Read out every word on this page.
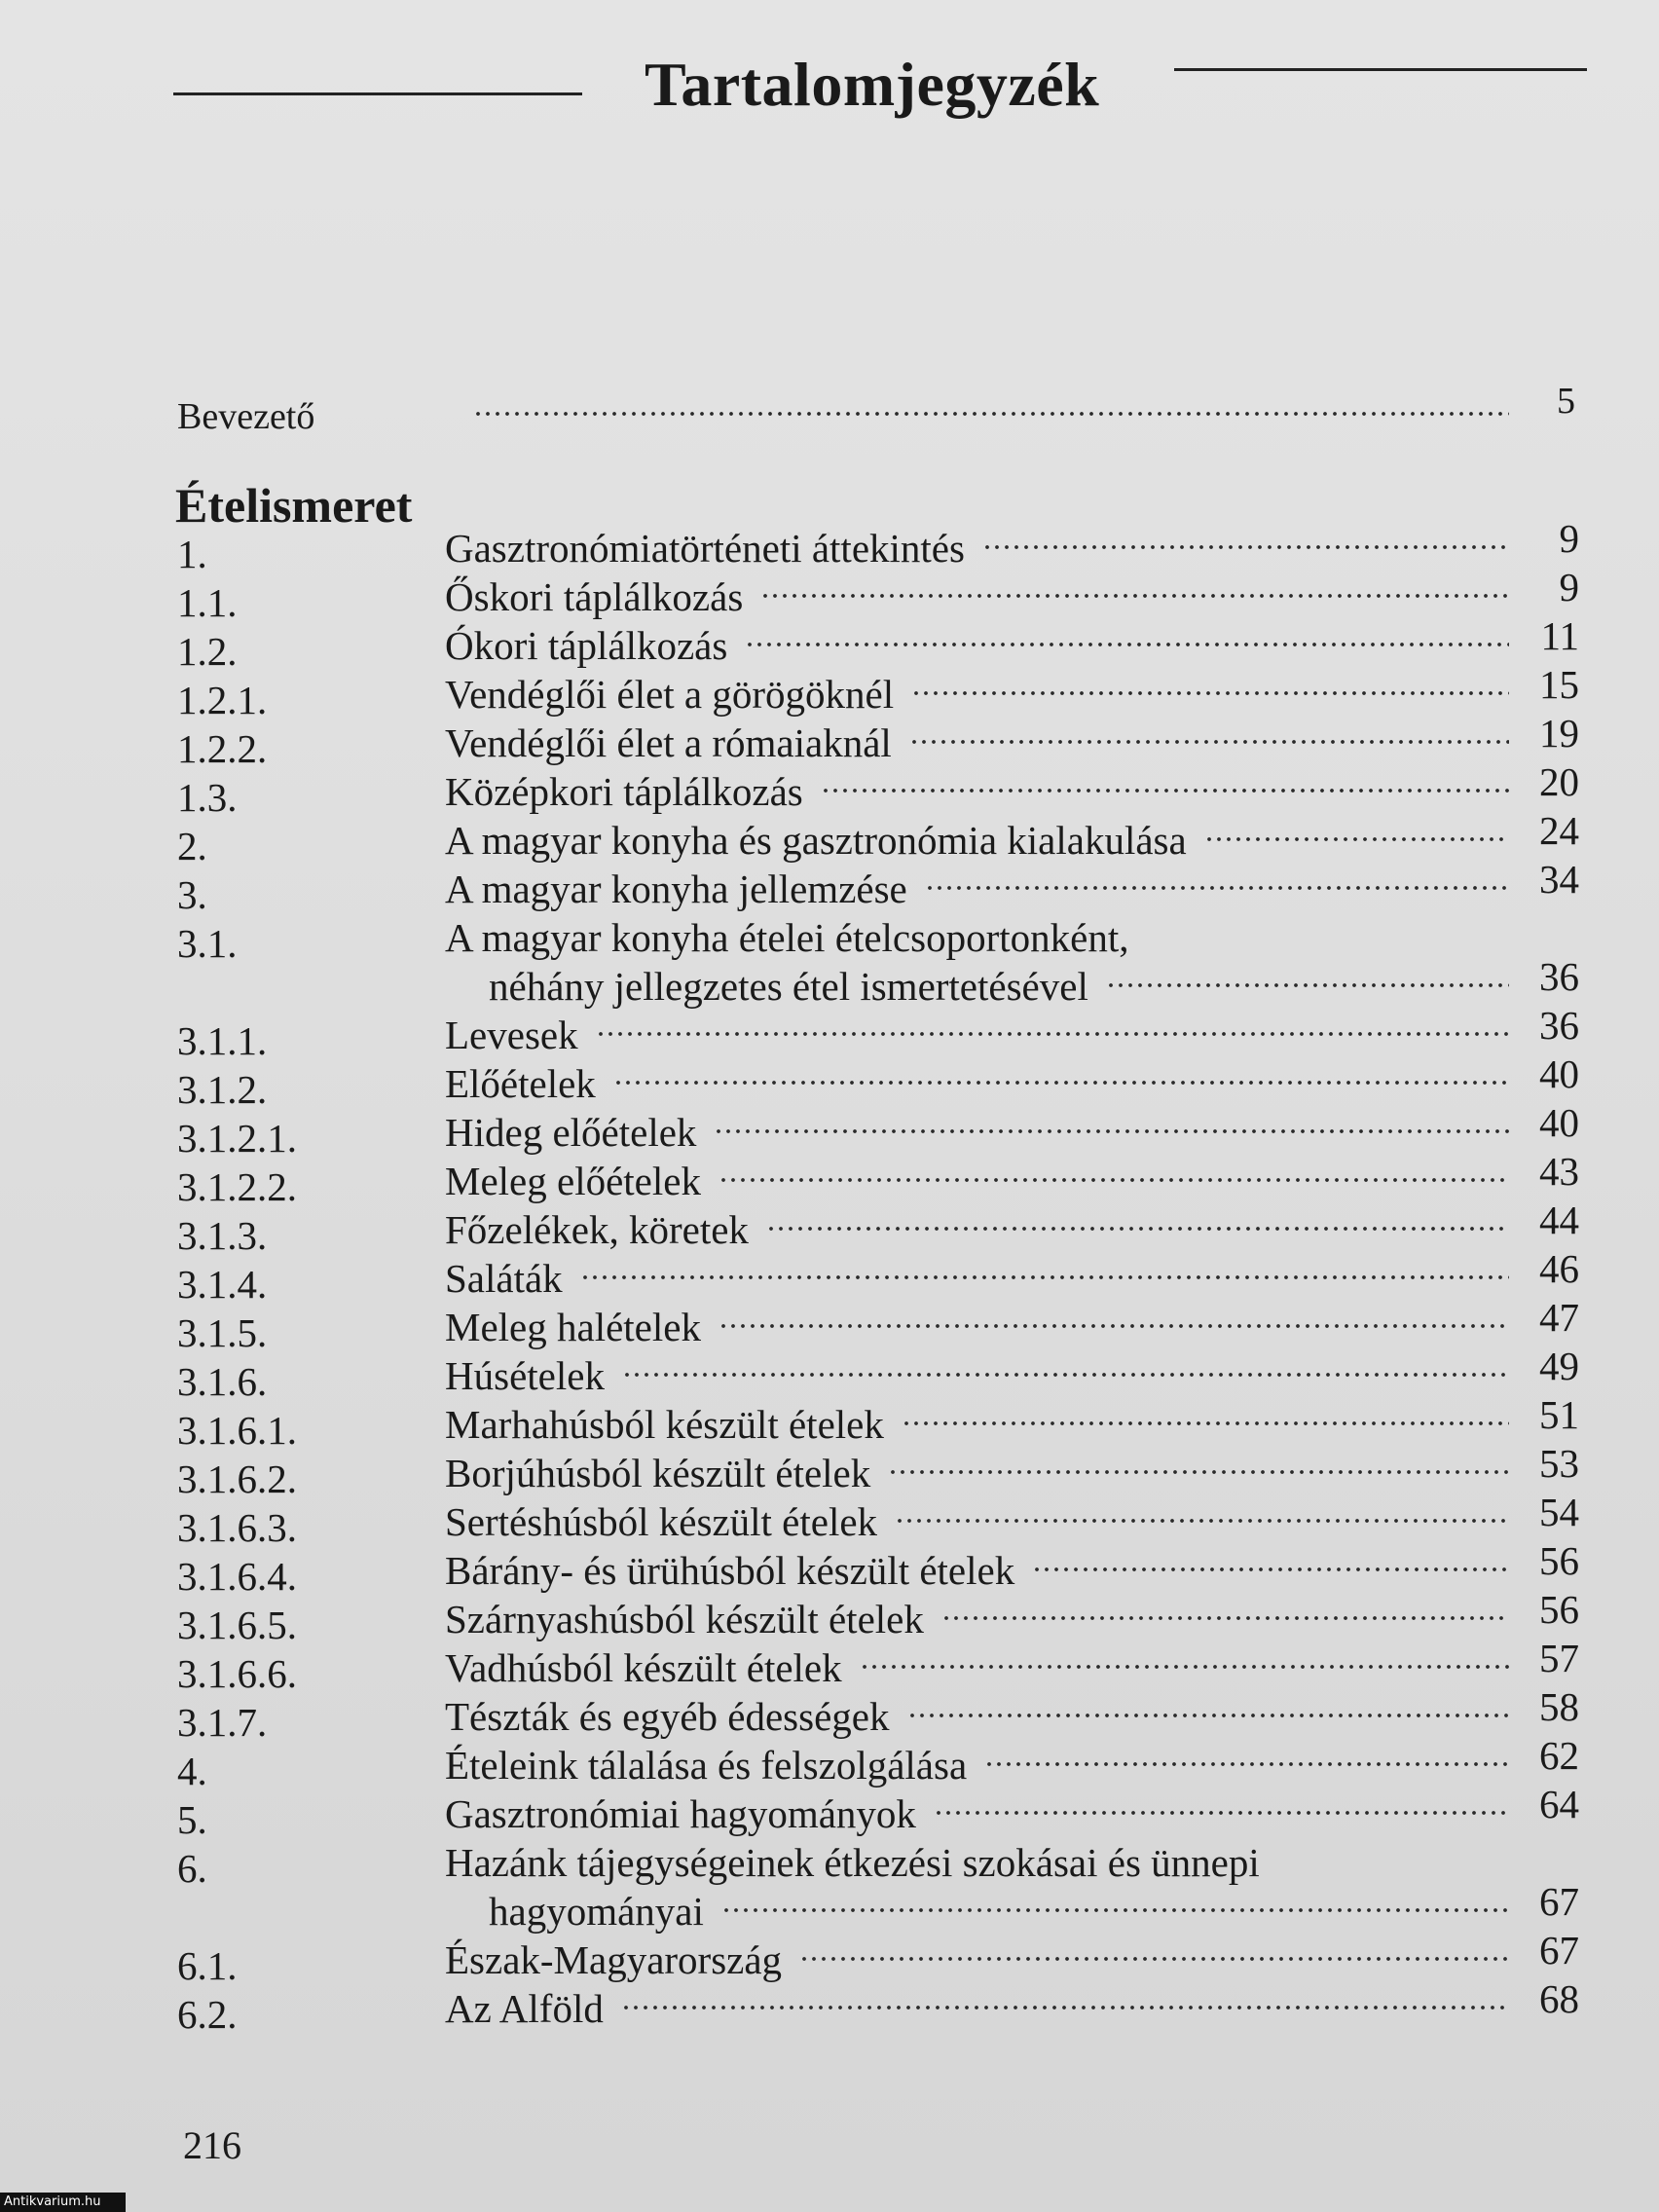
Tartalomjegyzék
Bevezető	5
Ételismeret
1.	Gasztronómiatörténeti áttekintés	9
1.1.	Őskori táplálkozás	9
1.2.	Ókori táplálkozás	11
1.2.1.	Vendéglői élet a görögöknél	15
1.2.2.	Vendéglői élet a rómaiaknál	19
1.3.	Középkori táplálkozás	20
2.	A magyar konyha és gasztronómia kialakulása	24
3.	A magyar konyha jellemzése	34
3.1.	A magyar konyha ételei ételcsoportonként,
néhány jellegzetes étel ismertetésével	36
3.1.1.	Levesek	36
3.1.2.	Előételek	40
3.1.2.1.	Hideg előételek	40
3.1.2.2.	Meleg előételek	43
3.1.3.	Főzelékek, köretek	44
3.1.4.	Saláták	46
3.1.5.	Meleg halételek	47
3.1.6.	Húsételek	49
3.1.6.1.	Marhahúsból készült ételek	51
3.1.6.2.	Borjúhúsból készült ételek	53
3.1.6.3.	Sertéshúsból készült ételek	54
3.1.6.4.	Bárány- és ürühúsból készült ételek	56
3.1.6.5.	Szárnyashúsból készült ételek	56
3.1.6.6.	Vadhúsból készült ételek	57
3.1.7.	Tészták és egyéb édességek	58
4.	Ételeink tálalása és felszolgálása	62
5.	Gasztronómiai hagyományok	64
6.	Hazánk tájegységeinek étkezési szokásai és ünnepi
hagyományai	67
6.1.	Észak-Magyarország	67
6.2.	Az Alföld	68
216
Antikvarium.hu
